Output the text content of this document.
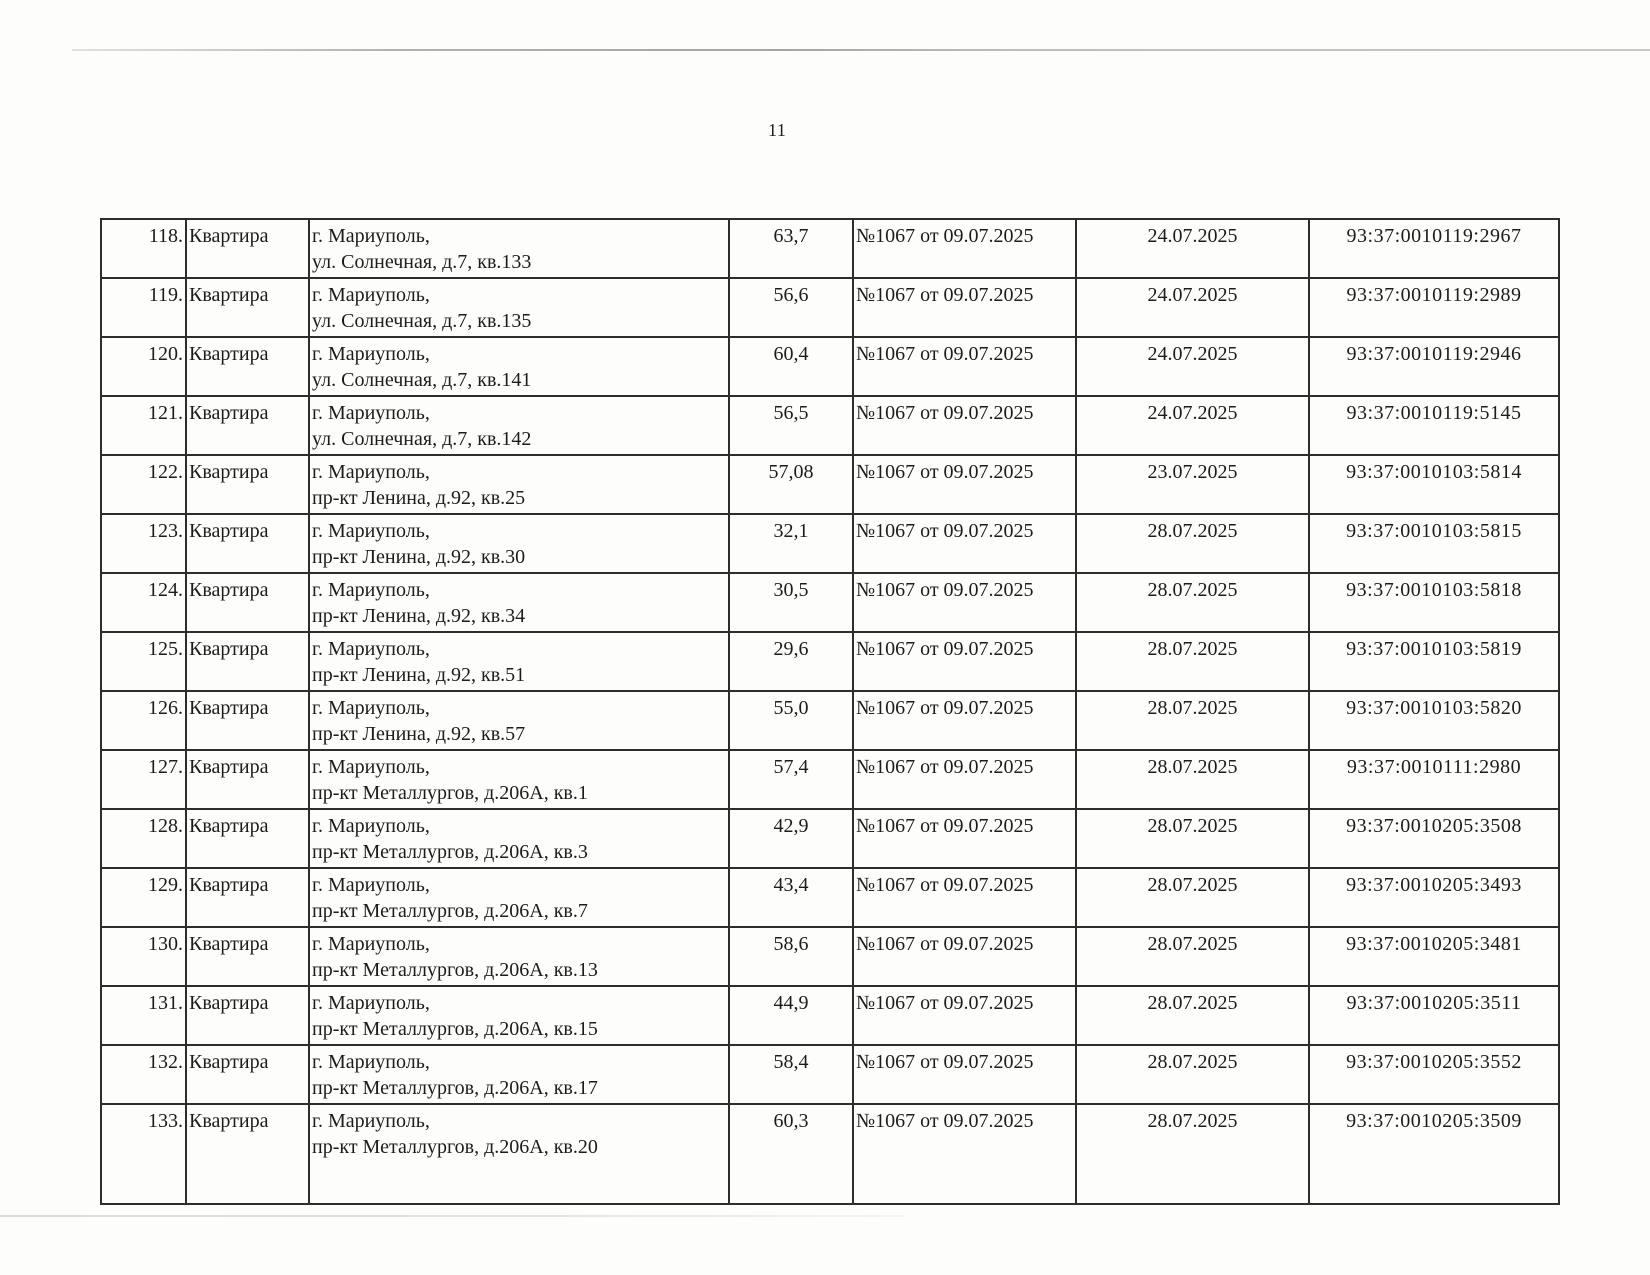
11
118.	Квартира	г. Мариуполь,
ул. Солнечная, д.7, кв.133	63,7	№1067 от 09.07.2025	24.07.2025	93:37:0010119:2967
119.	Квартира	г. Мариуполь,
ул. Солнечная, д.7, кв.135	56,6	№1067 от 09.07.2025	24.07.2025	93:37:0010119:2989
120.	Квартира	г. Мариуполь,
ул. Солнечная, д.7, кв.141	60,4	№1067 от 09.07.2025	24.07.2025	93:37:0010119:2946
121.	Квартира	г. Мариуполь,
ул. Солнечная, д.7, кв.142	56,5	№1067 от 09.07.2025	24.07.2025	93:37:0010119:5145
122.	Квартира	г. Мариуполь,
пр-кт Ленина, д.92, кв.25	57,08	№1067 от 09.07.2025	23.07.2025	93:37:0010103:5814
123.	Квартира	г. Мариуполь,
пр-кт Ленина, д.92, кв.30	32,1	№1067 от 09.07.2025	28.07.2025	93:37:0010103:5815
124.	Квартира	г. Мариуполь,
пр-кт Ленина, д.92, кв.34	30,5	№1067 от 09.07.2025	28.07.2025	93:37:0010103:5818
125.	Квартира	г. Мариуполь,
пр-кт Ленина, д.92, кв.51	29,6	№1067 от 09.07.2025	28.07.2025	93:37:0010103:5819
126.	Квартира	г. Мариуполь,
пр-кт Ленина, д.92, кв.57	55,0	№1067 от 09.07.2025	28.07.2025	93:37:0010103:5820
127.	Квартира	г. Мариуполь,
пр-кт Металлургов, д.206А, кв.1	57,4	№1067 от 09.07.2025	28.07.2025	93:37:0010111:2980
128.	Квартира	г. Мариуполь,
пр-кт Металлургов, д.206А, кв.3	42,9	№1067 от 09.07.2025	28.07.2025	93:37:0010205:3508
129.	Квартира	г. Мариуполь,
пр-кт Металлургов, д.206А, кв.7	43,4	№1067 от 09.07.2025	28.07.2025	93:37:0010205:3493
130.	Квартира	г. Мариуполь,
пр-кт Металлургов, д.206А, кв.13	58,6	№1067 от 09.07.2025	28.07.2025	93:37:0010205:3481
131.	Квартира	г. Мариуполь,
пр-кт Металлургов, д.206А, кв.15	44,9	№1067 от 09.07.2025	28.07.2025	93:37:0010205:3511
132.	Квартира	г. Мариуполь,
пр-кт Металлургов, д.206А, кв.17	58,4	№1067 от 09.07.2025	28.07.2025	93:37:0010205:3552
133.	Квартира	г. Мариуполь,
пр-кт Металлургов, д.206А, кв.20	60,3	№1067 от 09.07.2025	28.07.2025	93:37:0010205:3509
